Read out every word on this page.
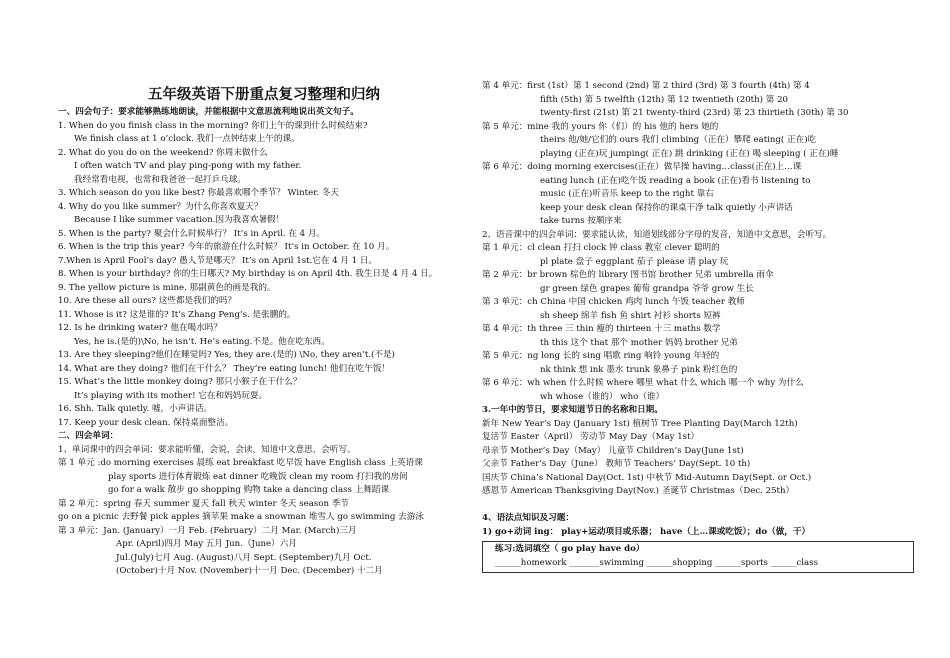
五年级英语下册重点复习整理和归纳
一、四会句子：要求能够熟练地朗读，并能根据中文意思流利地说出英文句子。
1. When do you finish class in the morning? 你们上午的课到什么时候结束?
We finish class at 1 o’clock. 我们一点钟结束上午的课。
2. What do you do on the weekend? 你周末做什么
I often watch TV and play ping-pong with my father.
我经常看电视，也常和我爸爸一起打乒乓球。
3. Which season do you like best? 你最喜欢哪个季节？ Winter. 冬天
4. Why do you like summer？为什么你喜欢夏天？
Because I like summer vacation.因为我喜欢暑假！
5. When is the party? 聚会什么时候举行？ It’s in April. 在 4 月。
6. When is the trip this year? 今年的旅游在什么时候？ It’s in October. 在 10 月。
7.When is April Fool’s day? 愚人节是哪天？ It’s on April 1st.它在 4 月 1 日。
8. When is your birthday? 你的生日哪天? My birthday is on April 4th. 我生日是 4 月 4 日。
9. The yellow picture is mine. 那副黄色的画是我的。
10. Are these all ours? 这些都是我们的吗？
11. Whose is it? 这是谁的? It’s Zhang Peng’s. 是张鹏的。
12. Is he drinking water? 他在喝水吗？
Yes, he is.(是的)\No, he isn’t. He’s eating.不是。他在吃东西。
13. Are they sleeping?他们在睡觉吗? Yes, they are.(是的) \No, they aren’t.(不是)
14. What are they doing? 他们在干什么？ They’re eating lunch! 他们在吃午饭！
15. What’s the little monkey doing? 那只小猴子在干什么？
It’s playing with its mother! 它在和妈妈玩耍。
16. Shh. Talk quietly. 嘘，小声讲话。
17. Keep your desk clean. 保持桌面整洁。
二、四会单词：
1、单词课中的四会单词：要求能听懂，会说，会读，知道中文意思，会听写。
第 1 单元 :do morning exercises 晨练 eat breakfast 吃早饭 have English class 上英语课
play sports 进行体育锻炼 eat dinner 吃晚饭 clean my room 打扫我的房间
go for a walk 散步 go shopping 购物 take a dancing class 上舞蹈课
第 2 单元：spring 春天 summer 夏天 fall 秋天 winter 冬天 season 季节
go on a picnic 去野餐 pick apples 摘苹果 make a snowman 堆雪人 go swimming 去游泳
第 3 单元：Jan. (January）一月 Feb. (February）二月 Mar. (March)三月
Apr. (April)四月 May 五月 Jun.（June）六月
Jul.(July)七月 Aug. (August)八月 Sept. (September)九月 Oct.
(October)十月 Nov. (November)十一月 Dec. (December) 十二月
第 4 单元：first (1st）第 1 second (2nd) 第 2 third (3rd) 第 3 fourth (4th) 第 4
fifth (5th) 第 5 twelfth (12th) 第 12 twentieth (20th) 第 20
twenty-first (21st) 第 21 twenty-third (23rd) 第 23 thirtieth (30th) 第 30
第 5 单元：mine 我的 yours 你（们）的 his 他的 hers 她的
theirs 他/她/它们的 ours 我们 climbing（正在）攀爬 eating( 正在)吃
playing (正在)玩 jumping( 正在) 跳 drinking (正在) 喝 sleeping ( 正在)睡
第 6 单元：doing morning exercises(正在）做早操 having…class(正在)上…课
eating lunch (正在)吃午饭 reading a book (正在)看书 listening to
music (正在)听音乐 keep to the right 靠右
keep your desk clean 保持你的课桌干净 talk quietly 小声讲话
take turns 按顺序来
2、语音课中的四会单词：要求能认读，知道划线部分字母的发音，知道中文意思，会听写。
第 1 单元：cl clean 打扫 clock 钟 class 教室 clever 聪明的
pl plate 盘子 eggplant 茄子 please 请 play 玩
第 2 单元：br brown 棕色的 library 图书馆 brother 兄弟 umbrella 雨伞
gr green 绿色 grapes 葡萄 grandpa 爷爷 grow 生长
第 3 单元：ch China 中国 chicken 鸡肉 lunch 午饭 teacher 教师
sh sheep 绵羊 fish 鱼 shirt 衬衫 shorts 短裤
第 4 单元：th three 三 thin 瘦的 thirteen 十三 maths 数学
th this 这个 that 那个 mother 妈妈 brother 兄弟
第 5 单元：ng long 长的 sing 唱歌 ring 响铃 young 年轻的
nk think 想 ink 墨水 trunk 象鼻子 pink 粉红色的
第 6 单元：wh when 什么时候 where 哪里 what 什么 which 哪一个 why 为什么
wh whose（谁的） who（谁）
3.一年中的节日，要求知道节日的名称和日期。
新年 New Year’s Day (January 1st) 植树节 Tree Planting Day(March 12th)
复活节 Easter（April） 劳动节 May Day（May 1st）
母亲节 Mother’s Day（May） 儿童节 Children’s Day(June 1st)
父亲节 Father’s Day（June） 教师节 Teachers’ Day(Sept. 10 th)
国庆节 China’s National Day(Oct. 1st) 中秋节 Mid-Autumn Day(Sept. or Oct.)
感恩节 American Thanksgiving Day(Nov.) 圣诞节 Christmas（Dec. 25th）
4、语法点知识及习题：
1) go+动词 ing： play+运动项目或乐器； have（上…课或吃饭）；do（做，干）
练习:选词填空（ go play have do）
______homework _______swimming ______shopping ______sports ______class
